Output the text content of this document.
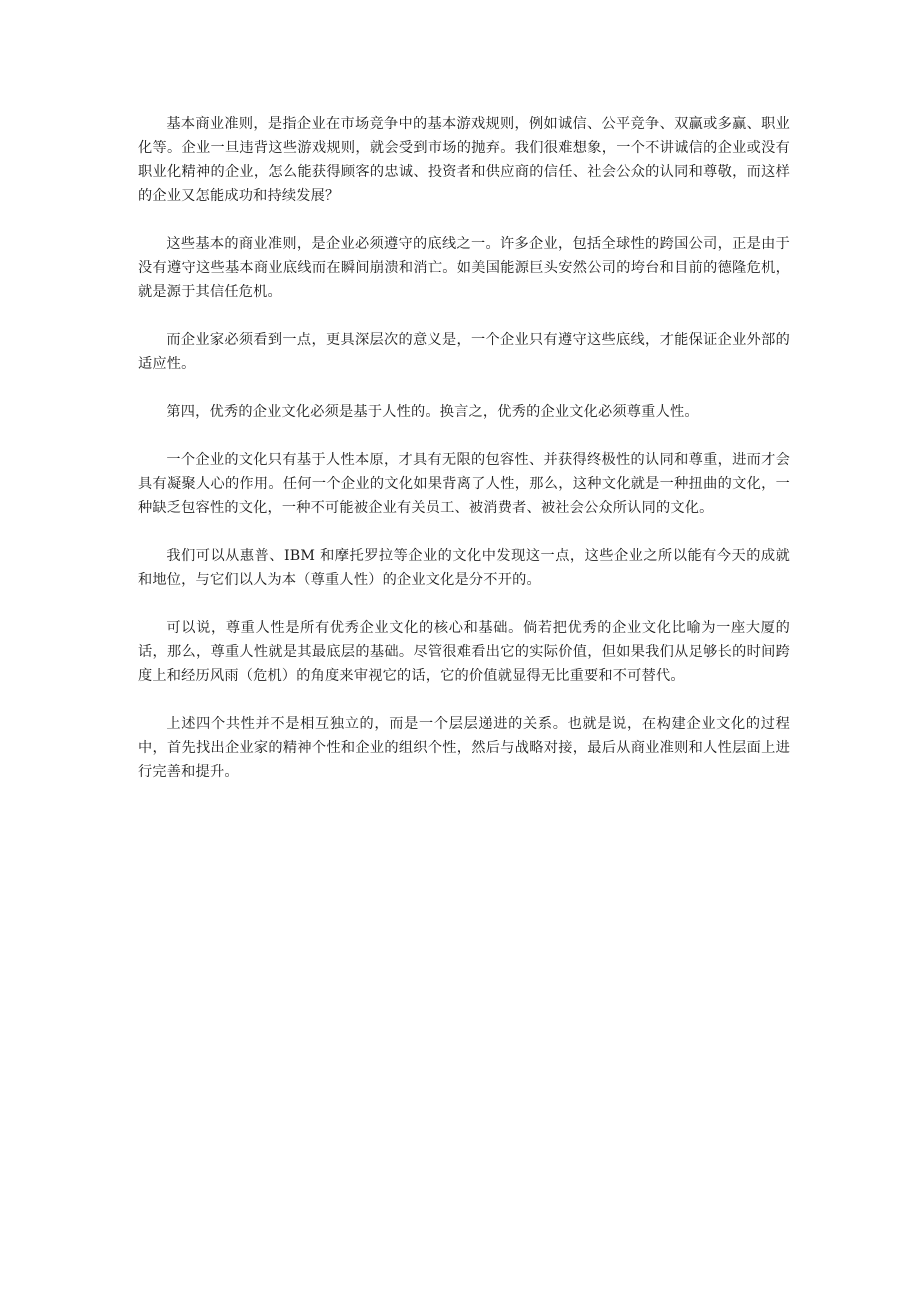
基本商业准则，是指企业在市场竞争中的基本游戏规则，例如诚信、公平竞争、双赢或多赢、职业化等。企业一旦违背这些游戏规则，就会受到市场的抛弃。我们很难想象，一个不讲诚信的企业或没有职业化精神的企业，怎么能获得顾客的忠诚、投资者和供应商的信任、社会公众的认同和尊敬，而这样的企业又怎能成功和持续发展？

这些基本的商业准则，是企业必须遵守的底线之一。许多企业，包括全球性的跨国公司，正是由于没有遵守这些基本商业底线而在瞬间崩溃和消亡。如美国能源巨头安然公司的垮台和目前的德隆危机，就是源于其信任危机。

而企业家必须看到一点，更具深层次的意义是，一个企业只有遵守这些底线，才能保证企业外部的适应性。

第四，优秀的企业文化必须是基于人性的。换言之，优秀的企业文化必须尊重人性。

一个企业的文化只有基于人性本原，才具有无限的包容性、并获得终极性的认同和尊重，进而才会具有凝聚人心的作用。任何一个企业的文化如果背离了人性，那么，这种文化就是一种扭曲的文化，一种缺乏包容性的文化，一种不可能被企业有关员工、被消费者、被社会公众所认同的文化。

我们可以从惠普、IBM 和摩托罗拉等企业的文化中发现这一点，这些企业之所以能有今天的成就和地位，与它们以人为本（尊重人性）的企业文化是分不开的。

可以说，尊重人性是所有优秀企业文化的核心和基础。倘若把优秀的企业文化比喻为一座大厦的话，那么，尊重人性就是其最底层的基础。尽管很难看出它的实际价值，但如果我们从足够长的时间跨度上和经历风雨（危机）的角度来审视它的话，它的价值就显得无比重要和不可替代。

上述四个共性并不是相互独立的，而是一个层层递进的关系。也就是说，在构建企业文化的过程中，首先找出企业家的精神个性和企业的组织个性，然后与战略对接，最后从商业准则和人性层面上进行完善和提升。
